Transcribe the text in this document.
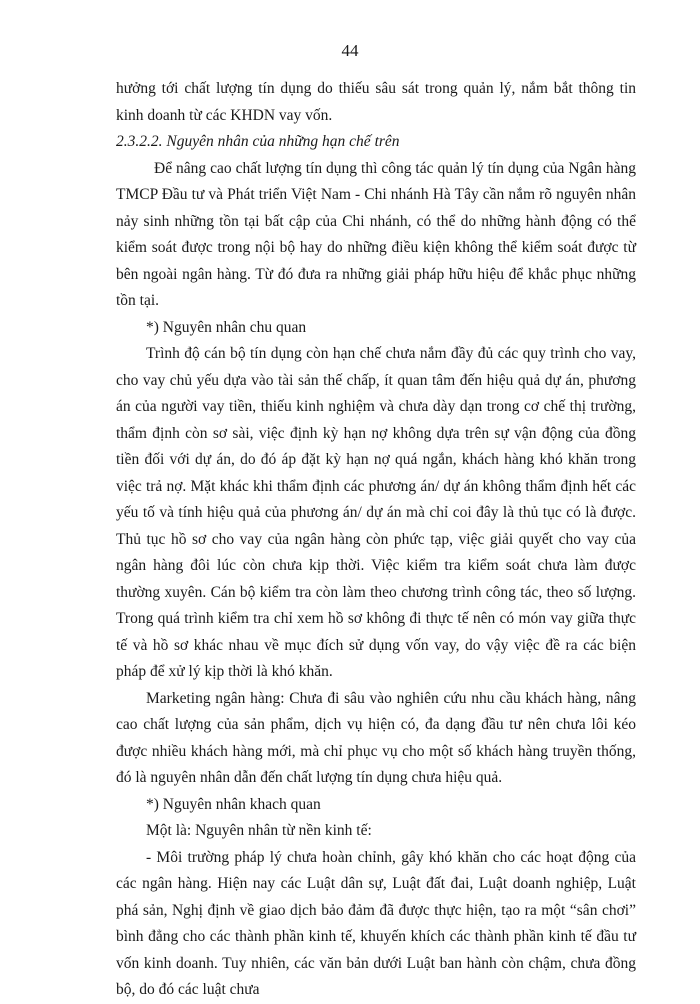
44

hưởng tới chất lượng tín dụng do thiếu sâu sát trong quản lý, nắm bắt thông tin kinh doanh từ các KHDN vay vốn.

2.3.2.2. Nguyên nhân của những hạn chế trên

Để nâng cao chất lượng tín dụng thì công tác quản lý tín dụng của Ngân hàng TMCP Đầu tư và Phát triển Việt Nam - Chi nhánh Hà Tây cần nắm rõ nguyên nhân nảy sinh những tồn tại bất cập của Chi nhánh, có thể do những hành động có thể kiểm soát được trong nội bộ hay do những điều kiện không thể kiểm soát được từ bên ngoài ngân hàng. Từ đó đưa ra những giải pháp hữu hiệu để khắc phục những tồn tại.

*) Nguyên nhân chu quan

Trình độ cán bộ tín dụng còn hạn chế chưa nắm đầy đủ các quy trình cho vay, cho vay chủ yếu dựa vào tài sản thế chấp, ít quan tâm đến hiệu quả dự án, phương án của người vay tiền, thiếu kinh nghiệm và chưa dày dạn trong cơ chế thị trường, thẩm định còn sơ sài, việc định kỳ hạn nợ không dựa trên sự vận động của đồng tiền đối với dự án, do đó áp đặt kỳ hạn nợ quá ngắn, khách hàng khó khăn trong việc trả nợ. Mặt khác khi thẩm định các phương án/ dự án không thẩm định hết các yếu tố và tính hiệu quả của phương án/ dự án mà chỉ coi đây là thủ tục có là được. Thủ tục hồ sơ cho vay của ngân hàng còn phức tạp, việc giải quyết cho vay của ngân hàng đôi lúc còn chưa kịp thời. Việc kiểm tra kiểm soát chưa làm được thường xuyên. Cán bộ kiểm tra còn làm theo chương trình công tác, theo số lượng. Trong quá trình kiểm tra chỉ xem hồ sơ không đi thực tế nên có món vay giữa thực tế và hồ sơ khác nhau về mục đích sử dụng vốn vay, do vậy việc đề ra các biện pháp để xử lý kịp thời là khó khăn.

Marketing ngân hàng: Chưa đi sâu vào nghiên cứu nhu cầu khách hàng, nâng cao chất lượng của sản phẩm, dịch vụ hiện có, đa dạng đầu tư nên chưa lôi kéo được nhiều khách hàng mới, mà chỉ phục vụ cho một số khách hàng truyền thống, đó là nguyên nhân dẫn đến chất lượng tín dụng chưa hiệu quả.

*) Nguyên nhân khach quan

Một là: Nguyên nhân từ nền kinh tế:

- Môi trường pháp lý chưa hoàn chỉnh, gây khó khăn cho các hoạt động của các ngân hàng. Hiện nay các Luật dân sự, Luật đất đai, Luật doanh nghiệp, Luật phá sản, Nghị định về giao dịch bảo đảm đã được thực hiện, tạo ra một “sân chơi” bình đẳng cho các thành phần kinh tế, khuyến khích các thành phần kinh tế đầu tư vốn kinh doanh. Tuy nhiên, các văn bản dưới Luật ban hành còn chậm, chưa đồng bộ, do đó các luật chưa
